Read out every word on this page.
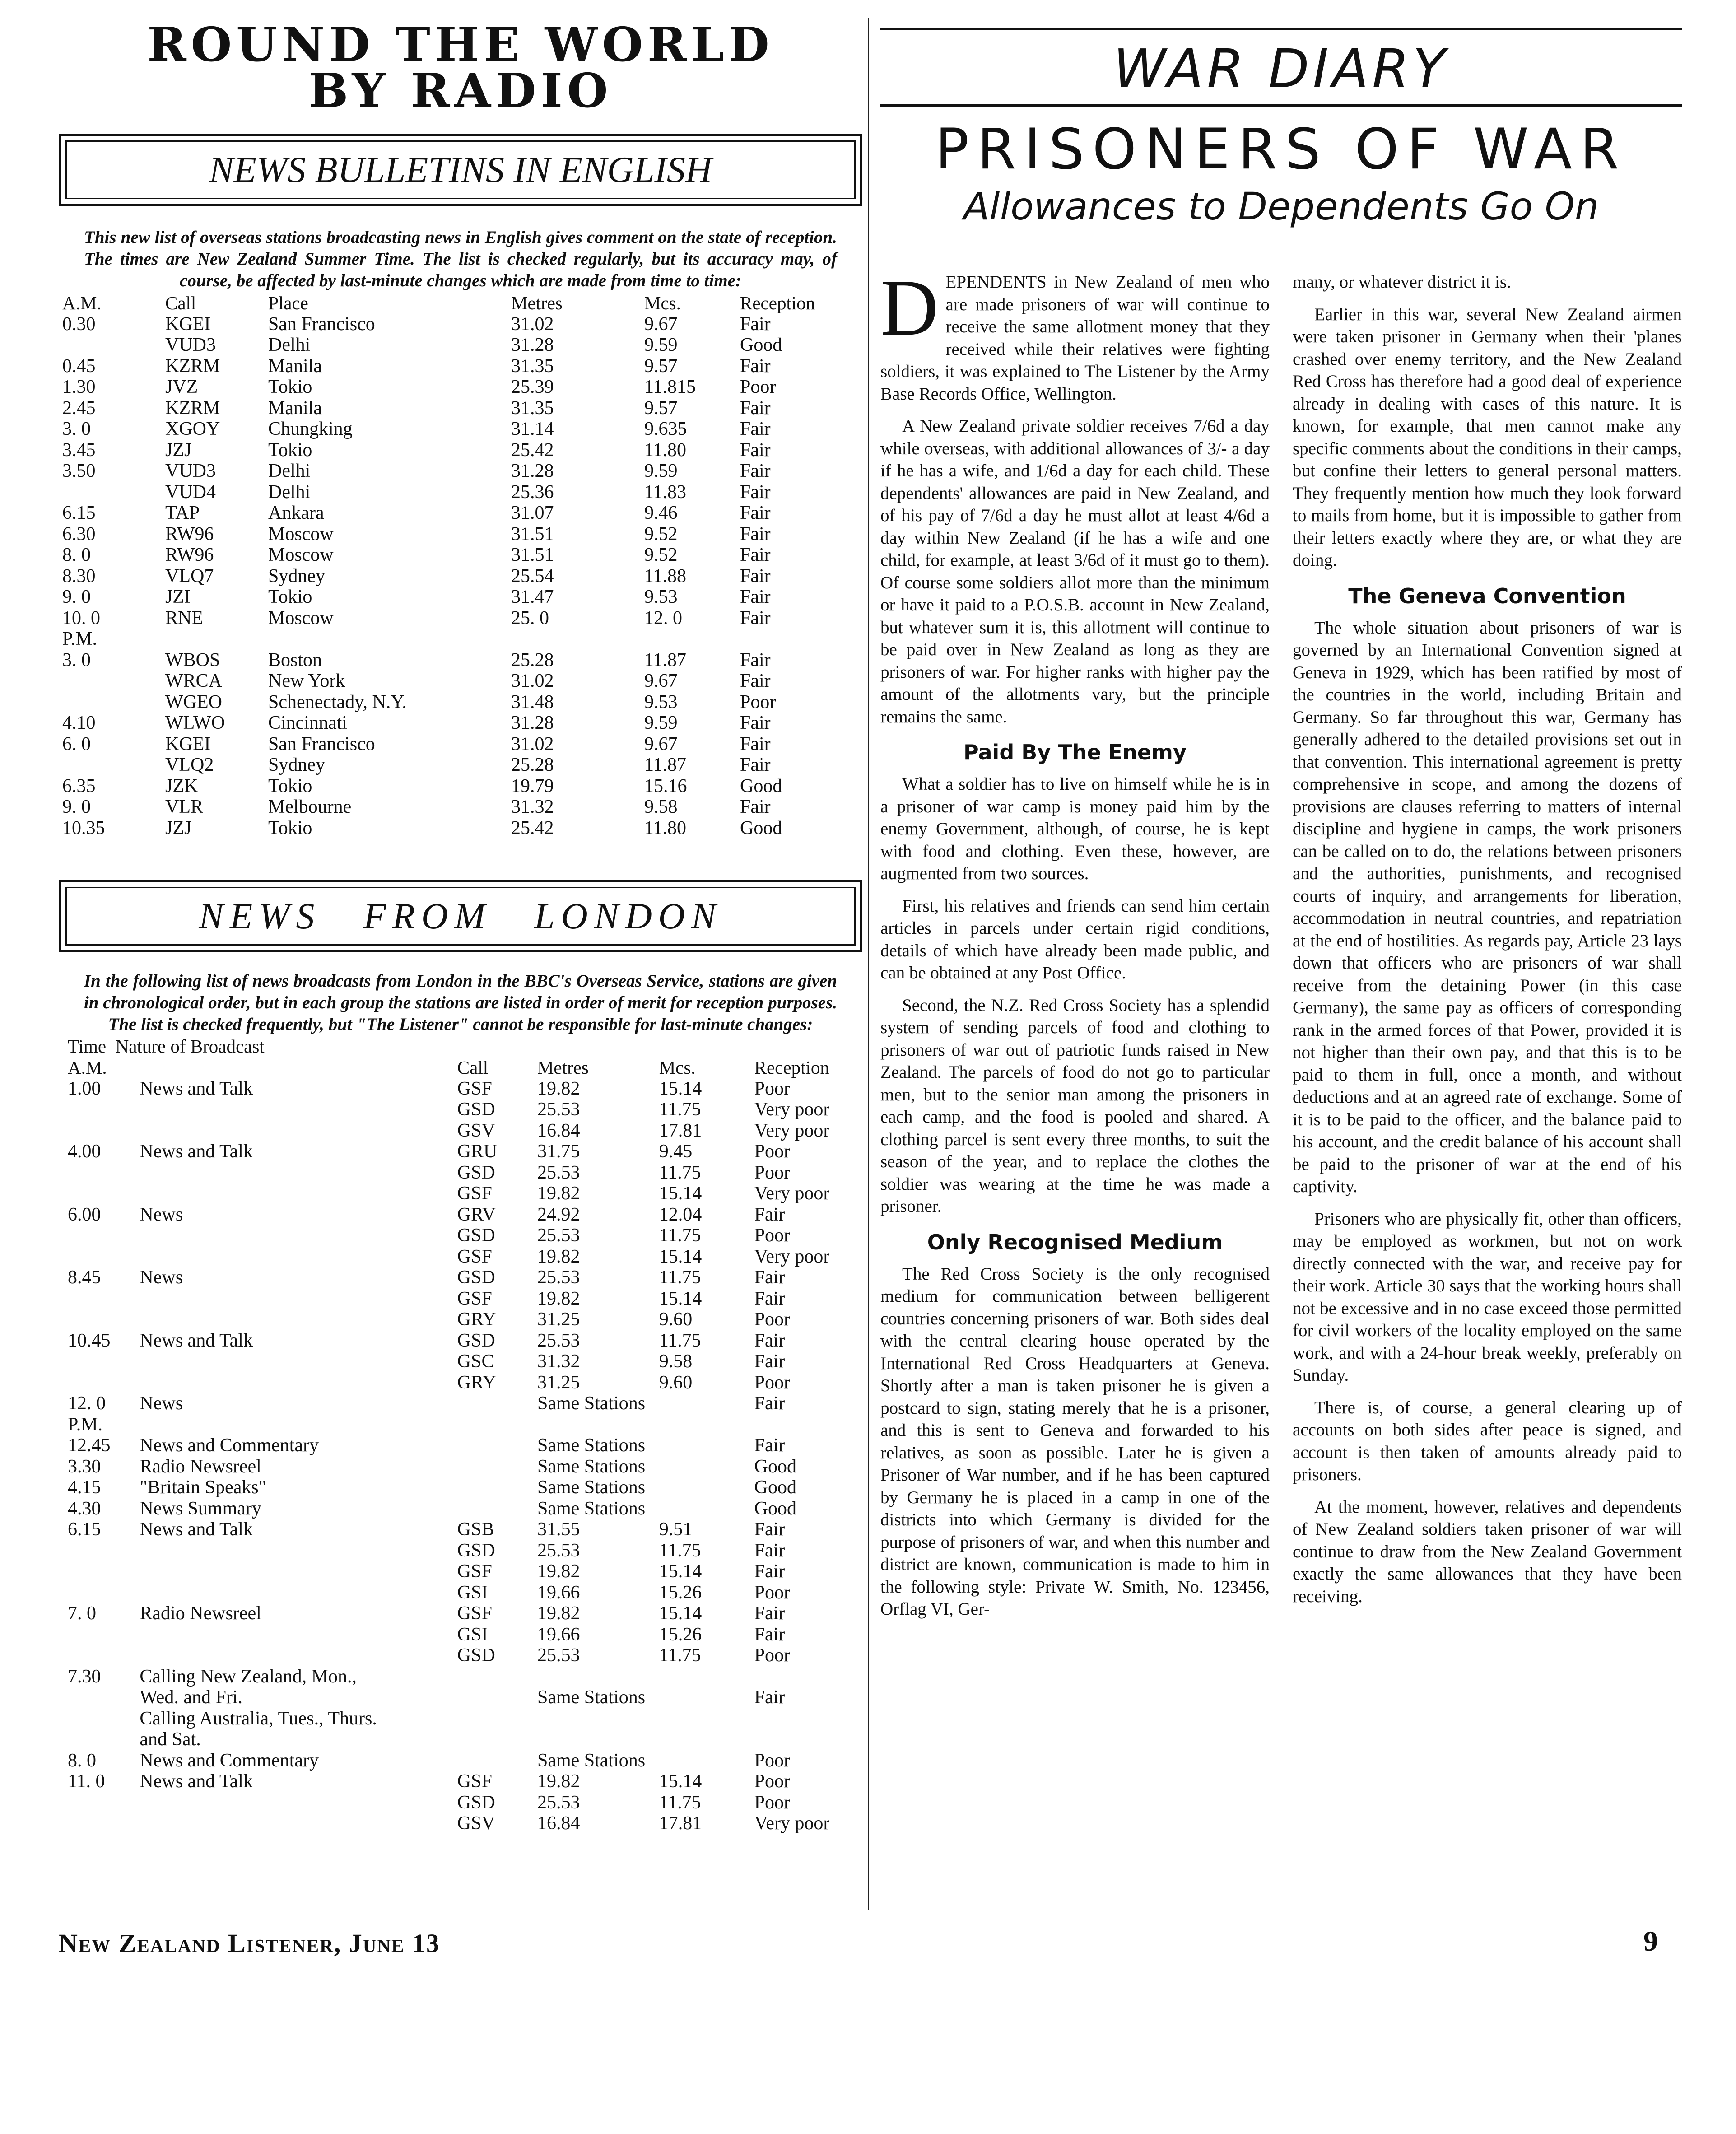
ROUND THE WORLD
BY RADIO
NEWS BULLETINS IN ENGLISH
This new list of overseas stations broadcasting news in English gives comment on the state of reception. The times are New Zealand Summer Time. The list is checked regularly, but its accuracy may, of course, be affected by last-minute changes which are made from time to time:
A.M.	Call	Place	Metres	Mcs.	Reception
0.30	KGEI	San Francisco	31.02	9.67	Fair
	VUD3	Delhi	31.28	9.59	Good
0.45	KZRM	Manila	31.35	9.57	Fair
1.30	JVZ	Tokio	25.39	11.815	Poor
2.45	KZRM	Manila	31.35	9.57	Fair
3. 0	XGOY	Chungking	31.14	9.635	Fair
3.45	JZJ	Tokio	25.42	11.80	Fair
3.50	VUD3	Delhi	31.28	9.59	Fair
	VUD4	Delhi	25.36	11.83	Fair
6.15	TAP	Ankara	31.07	9.46	Fair
6.30	RW96	Moscow	31.51	9.52	Fair
8. 0	RW96	Moscow	31.51	9.52	Fair
8.30	VLQ7	Sydney	25.54	11.88	Fair
9. 0	JZI	Tokio	31.47	9.53	Fair
10. 0	RNE	Moscow	25. 0	12. 0	Fair
P.M.					
3. 0	WBOS	Boston	25.28	11.87	Fair
	WRCA	New York	31.02	9.67	Fair
	WGEO	Schenectady, N.Y.	31.48	9.53	Poor
4.10	WLWO	Cincinnati	31.28	9.59	Fair
6. 0	KGEI	San Francisco	31.02	9.67	Fair
	VLQ2	Sydney	25.28	11.87	Fair
6.35	JZK	Tokio	19.79	15.16	Good
9. 0	VLR	Melbourne	31.32	9.58	Fair
10.35	JZJ	Tokio	25.42	11.80	Good
NEWS FROM LONDON
In the following list of news broadcasts from London in the BBC's Overseas Service, stations are given in chronological order, but in each group the stations are listed in order of merit for reception purposes. The list is checked frequently, but "The Listener" cannot be responsible for last-minute changes:
Time  Nature of Broadcast
A.M.		Call	Metres	Mcs.	Reception
1.00	News and Talk	GSF	19.82	15.14	Poor
		GSD	25.53	11.75	Very poor
		GSV	16.84	17.81	Very poor
4.00	News and Talk	GRU	31.75	9.45	Poor
		GSD	25.53	11.75	Poor
		GSF	19.82	15.14	Very poor
6.00	News	GRV	24.92	12.04	Fair
		GSD	25.53	11.75	Poor
		GSF	19.82	15.14	Very poor
8.45	News	GSD	25.53	11.75	Fair
		GSF	19.82	15.14	Fair
		GRY	31.25	9.60	Poor
10.45	News and Talk	GSD	25.53	11.75	Fair
		GSC	31.32	9.58	Fair
		GRY	31.25	9.60	Poor
12. 0	News		Same Stations		Fair
P.M.					
12.45	News and Commentary		Same Stations		Fair
3.30	Radio Newsreel		Same Stations		Good
4.15	"Britain Speaks"		Same Stations		Good
4.30	News Summary		Same Stations		Good
6.15	News and Talk	GSB	31.55	9.51	Fair
		GSD	25.53	11.75	Fair
		GSF	19.82	15.14	Fair
		GSI	19.66	15.26	Poor
7. 0	Radio Newsreel	GSF	19.82	15.14	Fair
		GSI	19.66	15.26	Fair
		GSD	25.53	11.75	Poor
7.30	Calling New Zealand, Mon.,				
	Wed. and Fri.		Same Stations		Fair
	Calling Australia, Tues., Thurs.				
	and Sat.				
8. 0	News and Commentary		Same Stations		Poor
11. 0	News and Talk	GSF	19.82	15.14	Poor
		GSD	25.53	11.75	Poor
		GSV	16.84	17.81	Very poor
WAR DIARY
PRISONERS OF WAR
Allowances to Dependents Go On

DEPENDENTS in New Zealand of men who are made prisoners of war will continue to receive the same allotment money that they received while their relatives were fighting soldiers, it was explained to The Listener by the Army Base Records Office, Wellington.

A New Zealand private soldier receives 7/6d a day while overseas, with additional allowances of 3/- a day if he has a wife, and 1/6d a day for each child. These dependents' allowances are paid in New Zealand, and of his pay of 7/6d a day he must allot at least 4/6d a day within New Zealand (if he has a wife and one child, for example, at least 3/6d of it must go to them). Of course some soldiers allot more than the minimum or have it paid to a P.O.S.B. account in New Zealand, but whatever sum it is, this allotment will continue to be paid over in New Zealand as long as they are prisoners of war. For higher ranks with higher pay the amount of the allotments vary, but the principle remains the same.

Paid By The Enemy

What a soldier has to live on himself while he is in a prisoner of war camp is money paid him by the enemy Government, although, of course, he is kept with food and clothing. Even these, however, are augmented from two sources.

First, his relatives and friends can send him certain articles in parcels under certain rigid conditions, details of which have already been made public, and can be obtained at any Post Office.

Second, the N.Z. Red Cross Society has a splendid system of sending parcels of food and clothing to prisoners of war out of patriotic funds raised in New Zealand. The parcels of food do not go to particular men, but to the senior man among the prisoners in each camp, and the food is pooled and shared. A clothing parcel is sent every three months, to suit the season of the year, and to replace the clothes the soldier was wearing at the time he was made a prisoner.

Only Recognised Medium

The Red Cross Society is the only recognised medium for communication between belligerent countries concerning prisoners of war. Both sides deal with the central clearing house operated by the International Red Cross Headquarters at Geneva. Shortly after a man is taken prisoner he is given a postcard to sign, stating merely that he is a prisoner, and this is sent to Geneva and forwarded to his relatives, as soon as possible. Later he is given a Prisoner of War number, and if he has been captured by Germany he is placed in a camp in one of the districts into which Germany is divided for the purpose of prisoners of war, and when this number and district are known, communication is made to him in the following style: Private W. Smith, No. 123456, Orflag VI, Ger-

many, or whatever district it is.

Earlier in this war, several New Zealand airmen were taken prisoner in Germany when their 'planes crashed over enemy territory, and the New Zealand Red Cross has therefore had a good deal of experience already in dealing with cases of this nature. It is known, for example, that men cannot make any specific comments about the conditions in their camps, but confine their letters to general personal matters. They frequently mention how much they look forward to mails from home, but it is impossible to gather from their letters exactly where they are, or what they are doing.

The Geneva Convention

The whole situation about prisoners of war is governed by an International Convention signed at Geneva in 1929, which has been ratified by most of the countries in the world, including Britain and Germany. So far throughout this war, Germany has generally adhered to the detailed provisions set out in that convention. This international agreement is pretty comprehensive in scope, and among the dozens of provisions are clauses referring to matters of internal discipline and hygiene in camps, the work prisoners can be called on to do, the relations between prisoners and the authorities, punishments, and recognised courts of inquiry, and arrangements for liberation, accommodation in neutral countries, and repatriation at the end of hostilities. As regards pay, Article 23 lays down that officers who are prisoners of war shall receive from the detaining Power (in this case Germany), the same pay as officers of corresponding rank in the armed forces of that Power, provided it is not higher than their own pay, and that this is to be paid to them in full, once a month, and without deductions and at an agreed rate of exchange. Some of it is to be paid to the officer, and the balance paid to his account, and the credit balance of his account shall be paid to the prisoner of war at the end of his captivity.

Prisoners who are physically fit, other than officers, may be employed as workmen, but not on work directly connected with the war, and receive pay for their work. Article 30 says that the working hours shall not be excessive and in no case exceed those permitted for civil workers of the locality employed on the same work, and with a 24-hour break weekly, preferably on Sunday.

There is, of course, a general clearing up of accounts on both sides after peace is signed, and account is then taken of amounts already paid to prisoners.

At the moment, however, relatives and dependents of New Zealand soldiers taken prisoner of war will continue to draw from the New Zealand Government exactly the same allowances that they have been receiving.

New Zealand Listener, June 13	9
